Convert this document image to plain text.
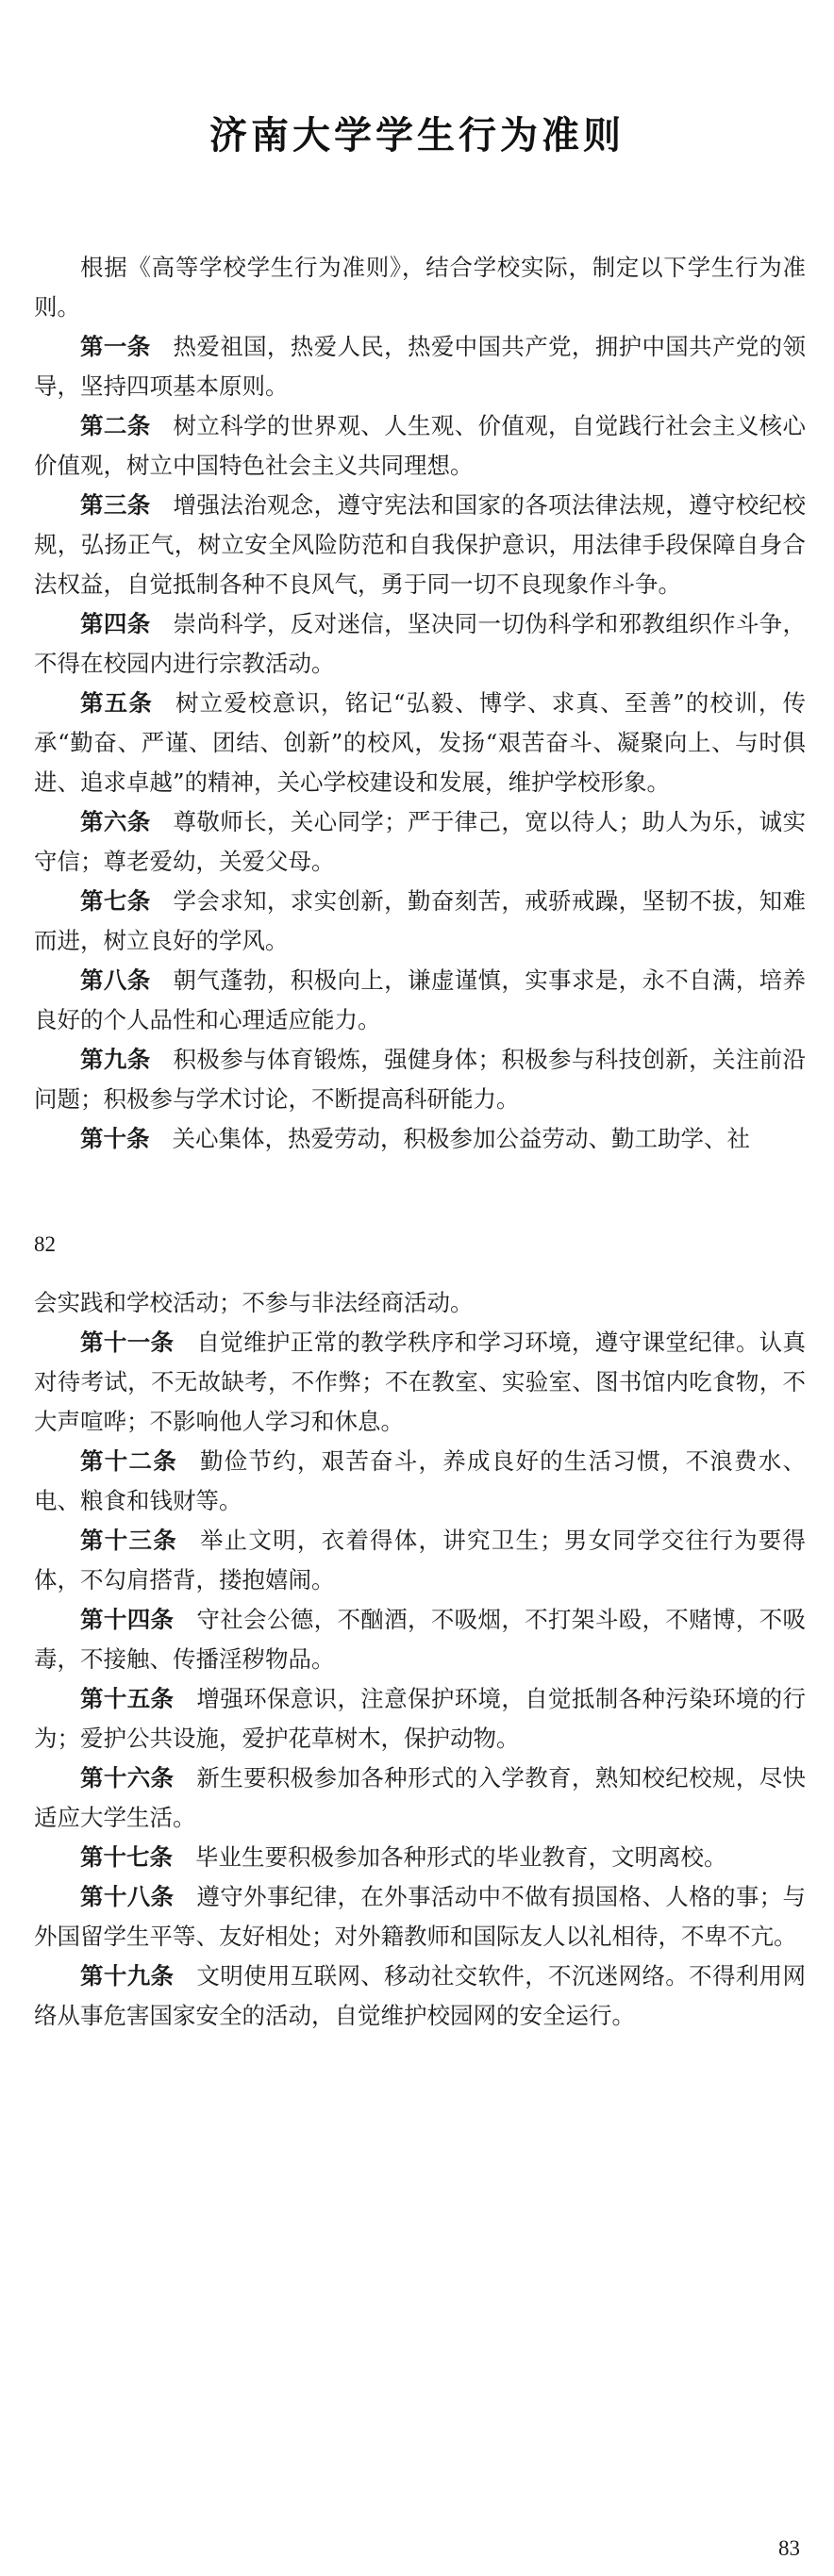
济南大学学生行为准则

根据《高等学校学生行为准则》，结合学校实际，制定以下学生行为准则。

第一条 热爱祖国，热爱人民，热爱中国共产党，拥护中国共产党的领导，坚持四项基本原则。

第二条 树立科学的世界观、人生观、价值观，自觉践行社会主义核心价值观，树立中国特色社会主义共同理想。

第三条 增强法治观念，遵守宪法和国家的各项法律法规，遵守校纪校规，弘扬正气，树立安全风险防范和自我保护意识，用法律手段保障自身合法权益，自觉抵制各种不良风气，勇于同一切不良现象作斗争。

第四条 崇尚科学，反对迷信，坚决同一切伪科学和邪教组织作斗争，不得在校园内进行宗教活动。

第五条 树立爱校意识，铭记“弘毅、博学、求真、至善”的校训，传承“勤奋、严谨、团结、创新”的校风，发扬“艰苦奋斗、凝聚向上、与时俱进、追求卓越”的精神，关心学校建设和发展，维护学校形象。

第六条 尊敬师长，关心同学；严于律己，宽以待人；助人为乐，诚实守信；尊老爱幼，关爱父母。

第七条 学会求知，求实创新，勤奋刻苦，戒骄戒躁，坚韧不拔，知难而进，树立良好的学风。

第八条 朝气蓬勃，积极向上，谦虚谨慎，实事求是，永不自满，培养良好的个人品性和心理适应能力。

第九条 积极参与体育锻炼，强健身体；积极参与科技创新，关注前沿问题；积极参与学术讨论，不断提高科研能力。

第十条 关心集体，热爱劳动，积极参加公益劳动、勤工助学、社

82

会实践和学校活动；不参与非法经商活动。

第十一条 自觉维护正常的教学秩序和学习环境，遵守课堂纪律。认真对待考试，不无故缺考，不作弊；不在教室、实验室、图书馆内吃食物，不大声喧哗；不影响他人学习和休息。

第十二条 勤俭节约，艰苦奋斗，养成良好的生活习惯，不浪费水、电、粮食和钱财等。

第十三条 举止文明，衣着得体，讲究卫生；男女同学交往行为要得体，不勾肩搭背，搂抱嬉闹。

第十四条 守社会公德，不酗酒，不吸烟，不打架斗殴，不赌博，不吸毒，不接触、传播淫秽物品。

第十五条 增强环保意识，注意保护环境，自觉抵制各种污染环境的行为；爱护公共设施，爱护花草树木，保护动物。

第十六条 新生要积极参加各种形式的入学教育，熟知校纪校规，尽快适应大学生活。

第十七条 毕业生要积极参加各种形式的毕业教育，文明离校。

第十八条 遵守外事纪律，在外事活动中不做有损国格、人格的事；与外国留学生平等、友好相处；对外籍教师和国际友人以礼相待，不卑不亢。

第十九条 文明使用互联网、移动社交软件，不沉迷网络。不得利用网络从事危害国家安全的活动，自觉维护校园网的安全运行。

83
